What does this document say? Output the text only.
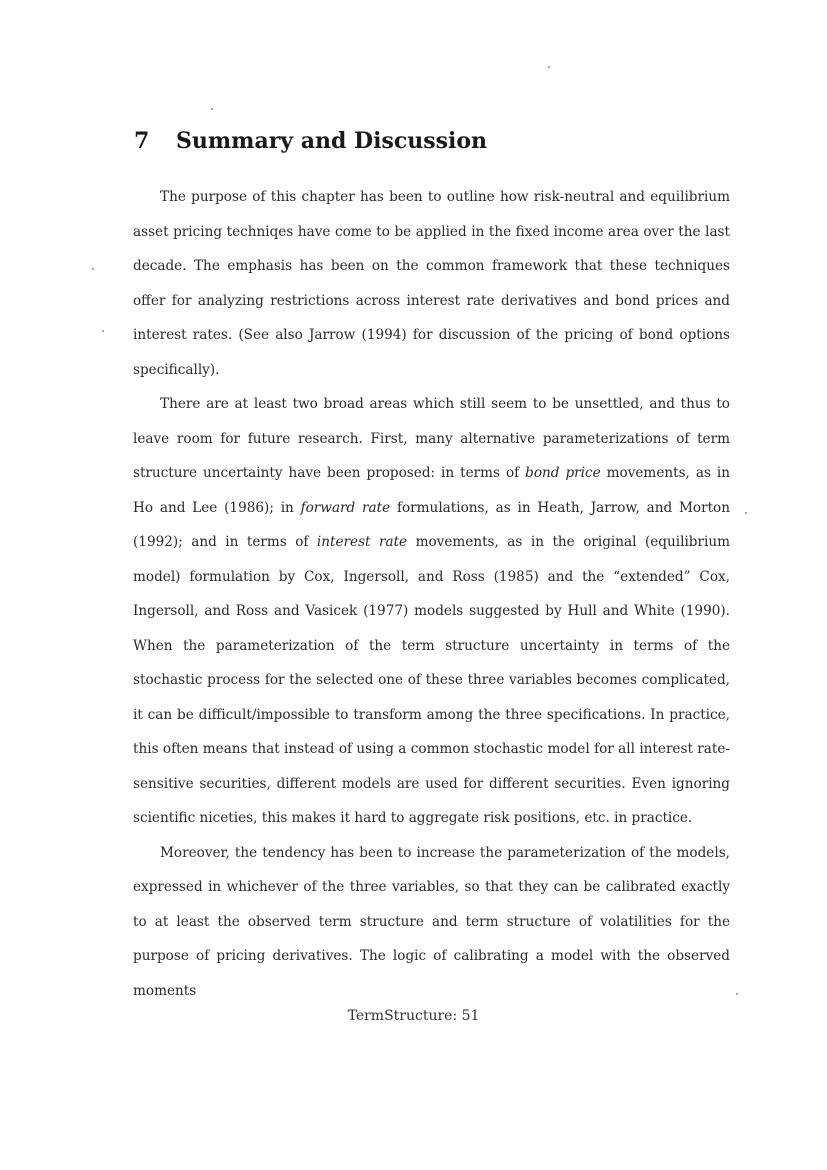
7 Summary and Discussion

The purpose of this chapter has been to outline how risk-neutral and equilibrium asset pricing techniqes have come to be applied in the fixed income area over the last decade. The emphasis has been on the common framework that these techniques offer for analyzing restrictions across interest rate derivatives and bond prices and interest rates. (See also Jarrow (1994) for discussion of the pricing of bond options specifically).

There are at least two broad areas which still seem to be unsettled, and thus to leave room for future research. First, many alternative parameterizations of term structure uncertainty have been proposed: in terms of bond price movements, as in Ho and Lee (1986); in forward rate formulations, as in Heath, Jarrow, and Morton (1992); and in terms of interest rate movements, as in the original (equilibrium model) formulation by Cox, Ingersoll, and Ross (1985) and the “extended” Cox, Ingersoll, and Ross and Vasicek (1977) models suggested by Hull and White (1990). When the parameterization of the term structure uncertainty in terms of the stochastic process for the selected one of these three variables becomes complicated, it can be difficult/impossible to transform among the three specifications. In practice, this often means that instead of using a common stochastic model for all interest rate-sensitive securities, different models are used for different securities. Even ignoring scientific niceties, this makes it hard to aggregate risk positions, etc. in practice.

Moreover, the tendency has been to increase the parameterization of the models, expressed in whichever of the three variables, so that they can be calibrated exactly to at least the observed term structure and term structure of volatilities for the purpose of pricing derivatives. The logic of calibrating a model with the observed moments

TermStructure: 51
